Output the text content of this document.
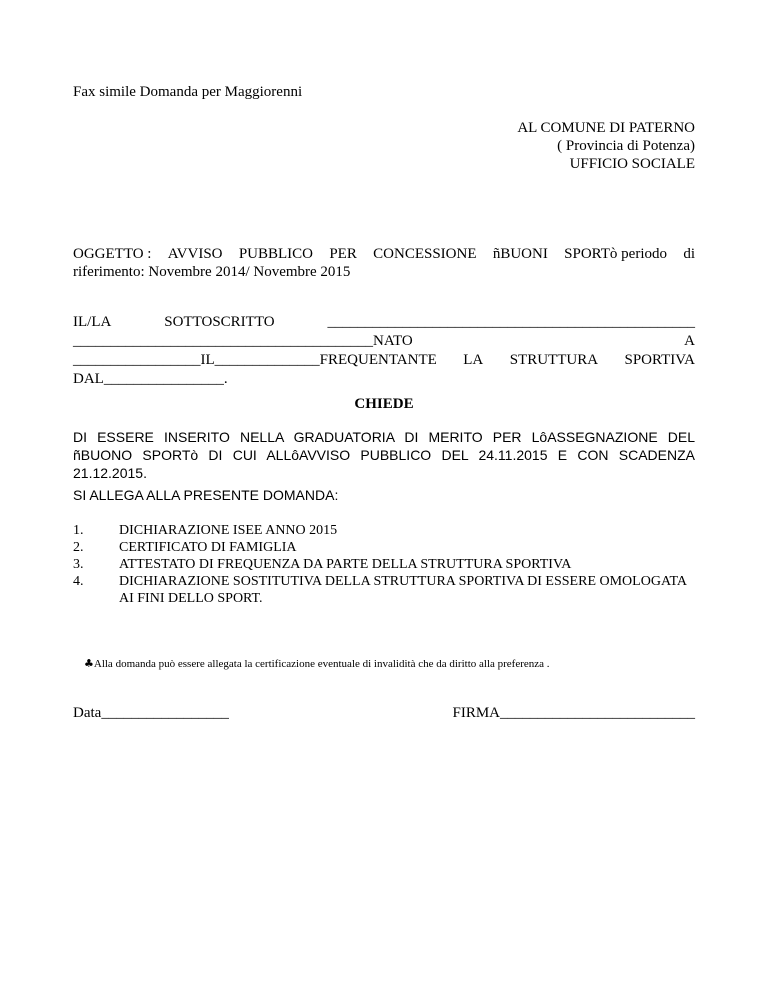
Fax simile Domanda per Maggiorenni
AL COMUNE DI PATERNO
( Provincia di Potenza)
UFFICIO SOCIALE
OGGETTO : AVVISO PUBBLICO PER CONCESSIONE ñBUONI SPORTò periodo di
riferimento: Novembre 2014/ Novembre 2015
IL/LA	SOTTOSCRITTO	_________________________________________________
________________________________________NATO	A
_________________IL______________FREQUENTANTE LA STRUTTURA SPORTIVA
DAL________________.
CHIEDE
DI ESSERE INSERITO NELLA GRADUATORIA DI MERITO PER LôASSEGNAZIONE DEL ñBUONO SPORTò DI CUI ALLôAVVISO PUBBLICO DEL 24.11.2015 E CON SCADENZA 21.12.2015.
SI ALLEGA ALLA PRESENTE DOMANDA:
1.	DICHIARAZIONE ISEE ANNO 2015
2.	CERTIFICATO DI FAMIGLIA
3.	ATTESTATO DI FREQUENZA DA PARTE DELLA STRUTTURA SPORTIVA
4.	DICHIARAZIONE SOSTITUTIVA DELLA STRUTTURA SPORTIVA DI ESSERE OMOLOGATA AI FINI DELLO SPORT.
♣Alla domanda può essere allegata la certificazione eventuale di invalidità che da diritto alla preferenza .
Data_________________	FIRMA__________________________
